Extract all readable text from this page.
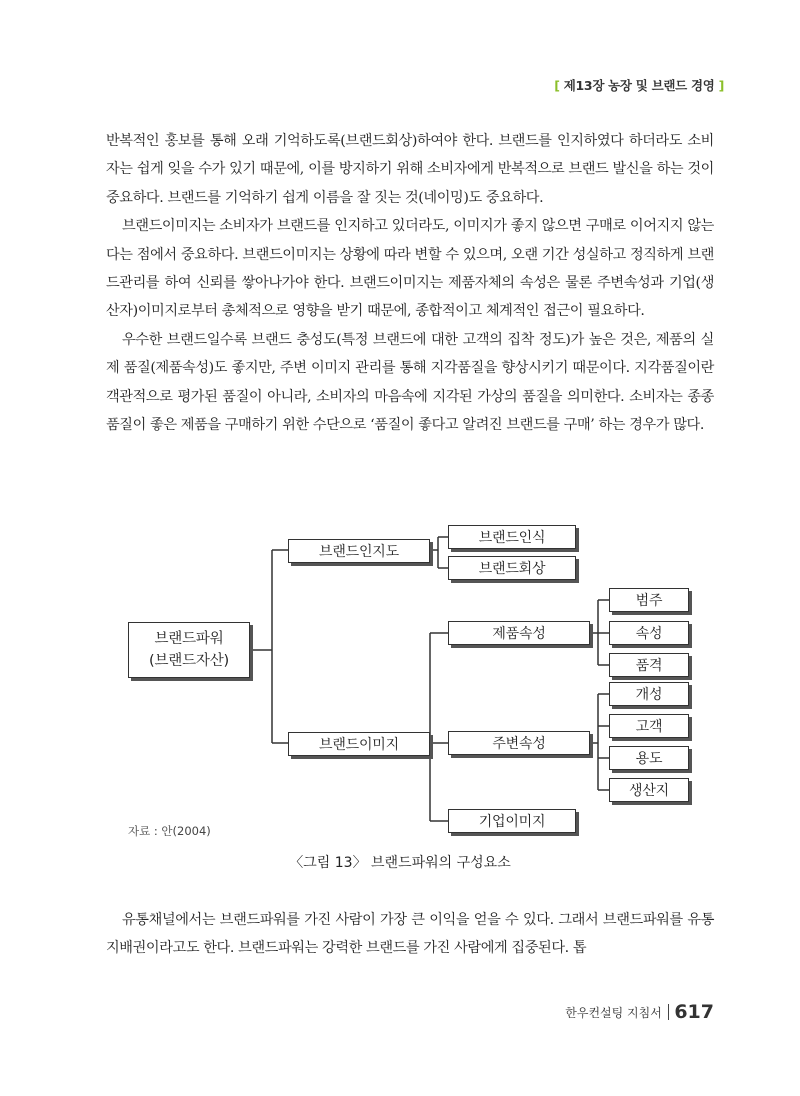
[ 제13장 농장 및 브랜드 경영 ]

반복적인 홍보를 통해 오래 기억하도록(브랜드회상)하여야 한다. 브랜드를 인지하였다 하더라도 소비자는 쉽게 잊을 수가 있기 때문에, 이를 방지하기 위해 소비자에게 반복적으로 브랜드 발신을 하는 것이 중요하다. 브랜드를 기억하기 쉽게 이름을 잘 짓는 것(네이밍)도 중요하다.

브랜드이미지는 소비자가 브랜드를 인지하고 있더라도, 이미지가 좋지 않으면 구매로 이어지지 않는다는 점에서 중요하다. 브랜드이미지는 상황에 따라 변할 수 있으며, 오랜 기간 성실하고 정직하게 브랜드관리를 하여 신뢰를 쌓아나가야 한다. 브랜드이미지는 제품자체의 속성은 물론 주변속성과 기업(생산자)이미지로부터 총체적으로 영향을 받기 때문에, 종합적이고 체계적인 접근이 필요하다.

우수한 브랜드일수록 브랜드 충성도(특정 브랜드에 대한 고객의 집착 정도)가 높은 것은, 제품의 실제 품질(제품속성)도 좋지만, 주변 이미지 관리를 통해 지각품질을 향상시키기 때문이다. 지각품질이란 객관적으로 평가된 품질이 아니라, 소비자의 마음속에 지각된 가상의 품질을 의미한다. 소비자는 종종 품질이 좋은 제품을 구매하기 위한 수단으로 ‘품질이 좋다고 알려진 브랜드를 구매’ 하는 경우가 많다.

브랜드파워
(브랜드자산)
브랜드인지도
브랜드이미지
브랜드인식
브랜드회상
제품속성
주변속성
기업이미지
범주
속성
품격
개성
고객
용도
생산지
자료 : 안(2004)
〈그림 13〉 브랜드파워의 구성요소

유통채널에서는 브랜드파워를 가진 사람이 가장 큰 이익을 얻을 수 있다. 그래서 브랜드파워를 유통지배권이라고도 한다. 브랜드파워는 강력한 브랜드를 가진 사람에게 집중된다. 톱

한우컨설팅 지침서 617
